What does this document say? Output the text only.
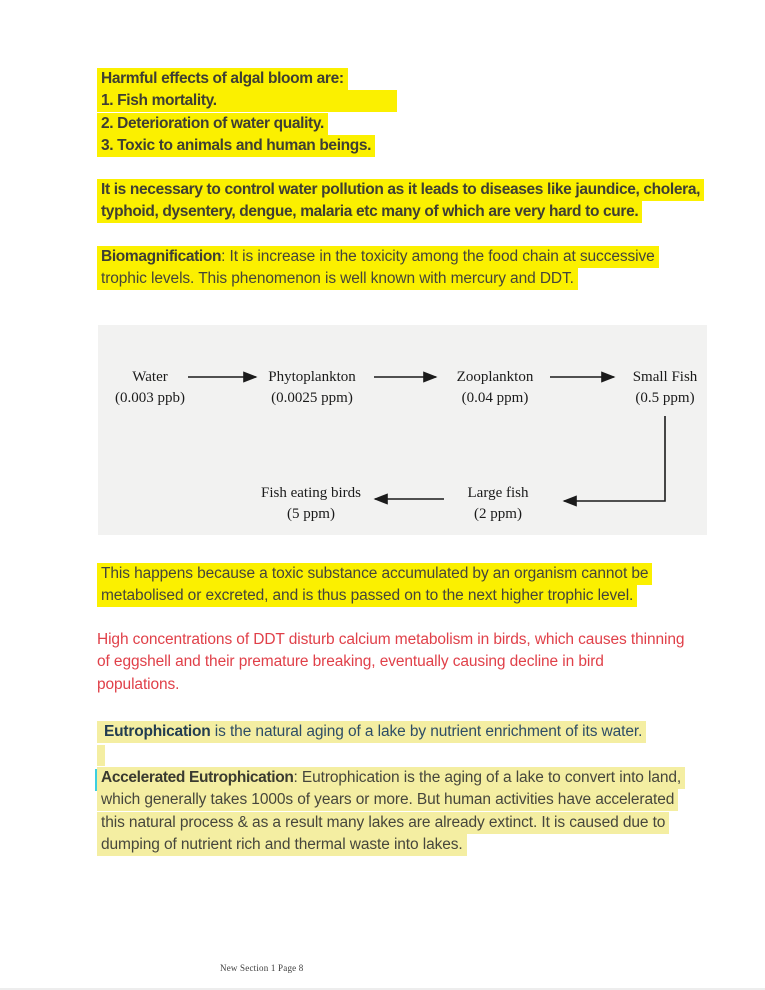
Harmful effects of algal bloom are:
1. Fish mortality.
2. Deterioration of water quality.
3. Toxic to animals and human beings.
It is necessary to control water pollution as it leads to diseases like jaundice, cholera,
typhoid, dysentery, dengue, malaria etc many of which are very hard to cure.
Biomagnification: It is increase in the toxicity among the food chain at successive
trophic levels. This phenomenon is well known with mercury and DDT.
Water
(0.003 ppb)
Phytoplankton
(0.0025 ppm)
Zooplankton
(0.04 ppm)
Small Fish
(0.5 ppm)
Fish eating birds
(5 ppm)
Large fish
(2 ppm)
This happens because a toxic substance accumulated by an organism cannot be
metabolised or excreted, and is thus passed on to the next higher trophic level.
High concentrations of DDT disturb calcium metabolism in birds, which causes thinning
of eggshell and their premature breaking, eventually causing decline in bird
populations.
Eutrophication is the natural aging of a lake by nutrient enrichment of its water.
Accelerated Eutrophication: Eutrophication is the aging of a lake to convert into land,
which generally takes 1000s of years or more. But human activities have accelerated
this natural process & as a result many lakes are already extinct. It is caused due to
dumping of nutrient rich and thermal waste into lakes.
New Section 1 Page 8
